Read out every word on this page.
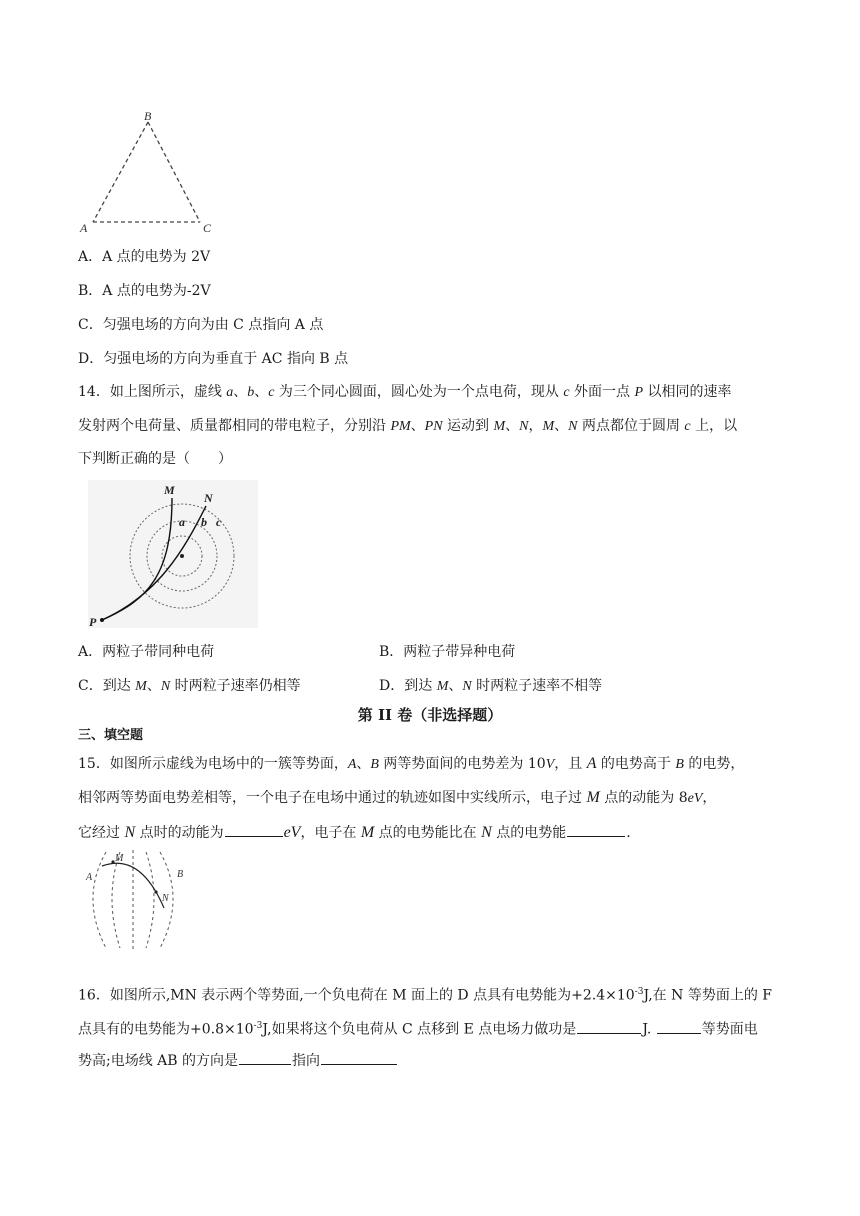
B
A	C
A．A 点的电势为 2V
B．A 点的电势为-2V
C．匀强电场的方向为由 C 点指向 A 点
D．匀强电场的方向为垂直于 AC 指向 B 点
14．如上图所示，虚线 a、b、c 为三个同心圆面，圆心处为一个点电荷，现从 c 外面一点 P 以相同的速率
发射两个电荷量、质量都相同的带电粒子，分别沿 PM、PN 运动到 M、N，M、N 两点都位于圆周 c 上，以
下判断正确的是（　　）
M
N
a b c
P
A．两粒子带同种电荷	B．两粒子带异种电荷
C．到达 M、N 时两粒子速率仍相等	D．到达 M、N 时两粒子速率不相等
第 II 卷（非选择题）
三、填空题
15．如图所示虚线为电场中的一簇等势面，A、B 两等势面间的电势差为 10V，且 A 的电势高于 B 的电势，
相邻两等势面电势差相等，一个电子在电场中通过的轨迹如图中实线所示，电子过 M 点的动能为 8eV，
它经过 N 点时的动能为	eV，电子在 M 点的电势能比在 N 点的电势能	.
M
A	B
N
16．如图所示,MN 表示两个等势面,一个负电荷在 M 面上的 D 点具有电势能为$+2.4\times 10^{-3}J$,在 N 等势面上的 F
点具有的电势能为$+0.8\times 10^{-3}J$,如果将这个负电荷从 C 点移到 E 点电场力做功是	J.	等势面电
势高;电场线 AB 的方向是	指向
